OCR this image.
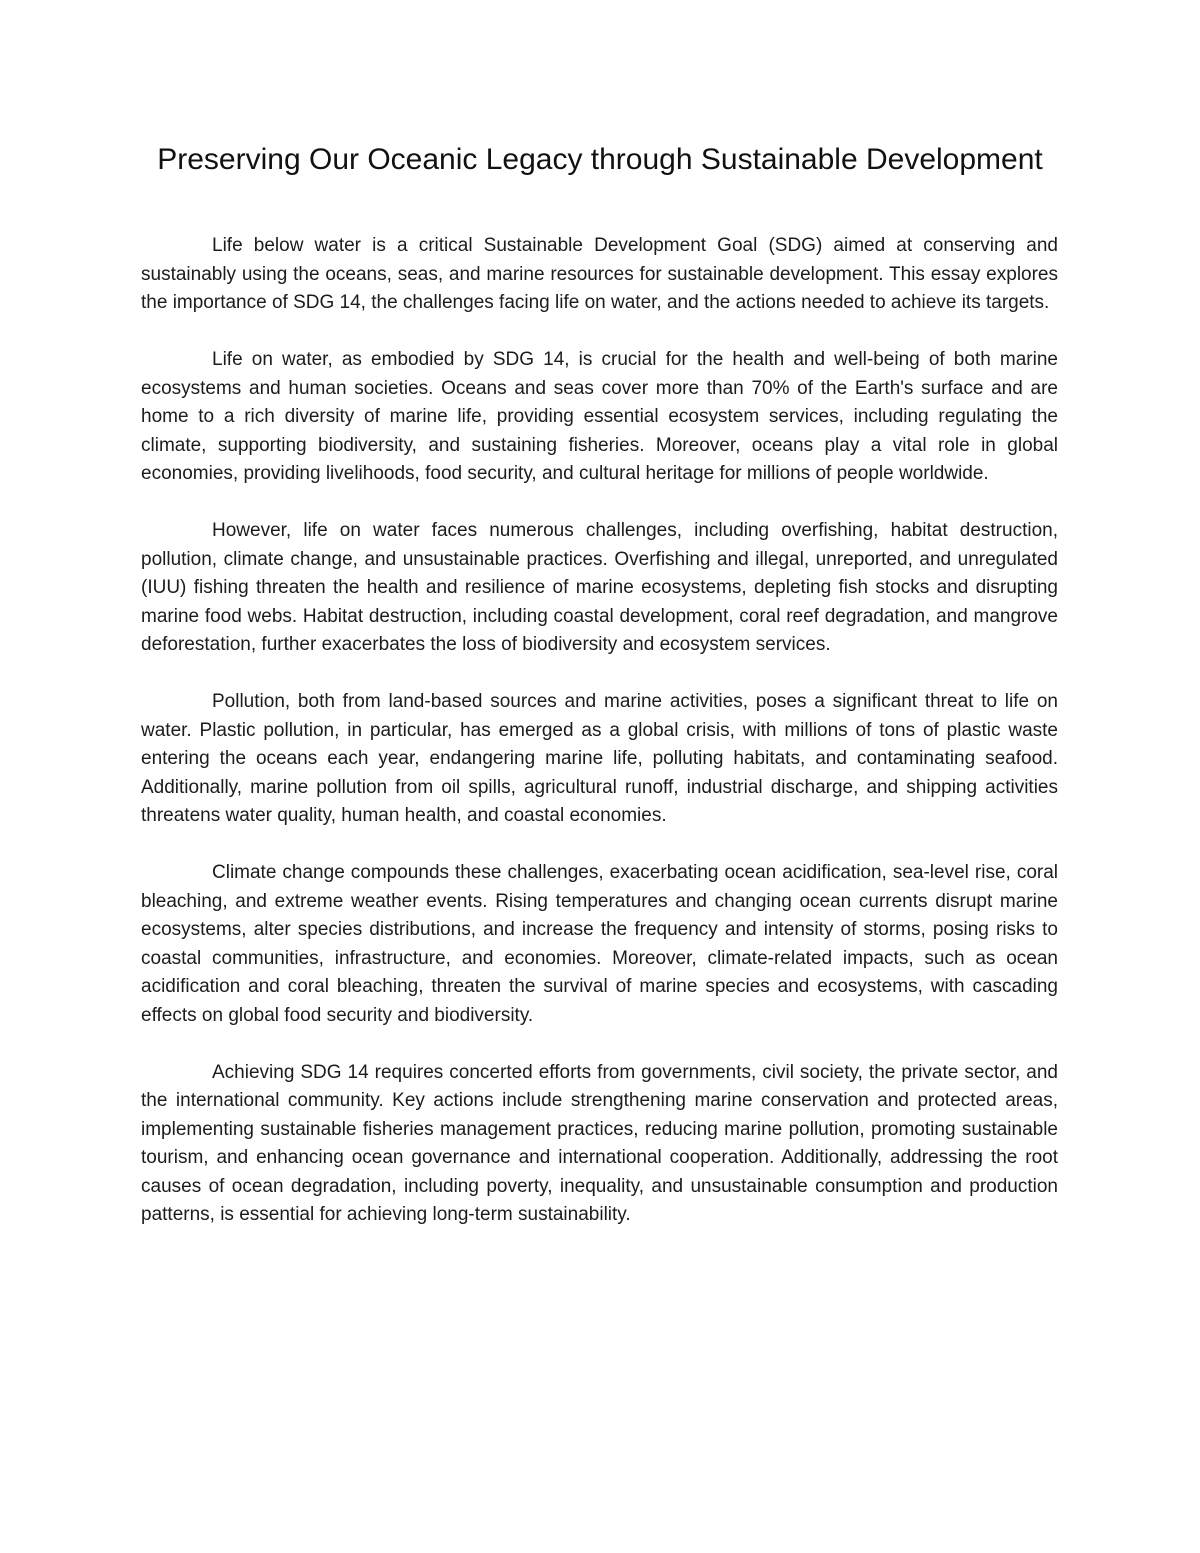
Preserving Our Oceanic Legacy through Sustainable Development

Life below water is a critical Sustainable Development Goal (SDG) aimed at conserving and sustainably using the oceans, seas, and marine resources for sustainable development. This essay explores the importance of SDG 14, the challenges facing life on water, and the actions needed to achieve its targets.

Life on water, as embodied by SDG 14, is crucial for the health and well-being of both marine ecosystems and human societies. Oceans and seas cover more than 70% of the Earth's surface and are home to a rich diversity of marine life, providing essential ecosystem services, including regulating the climate, supporting biodiversity, and sustaining fisheries. Moreover, oceans play a vital role in global economies, providing livelihoods, food security, and cultural heritage for millions of people worldwide.

However, life on water faces numerous challenges, including overfishing, habitat destruction, pollution, climate change, and unsustainable practices. Overfishing and illegal, unreported, and unregulated (IUU) fishing threaten the health and resilience of marine ecosystems, depleting fish stocks and disrupting marine food webs. Habitat destruction, including coastal development, coral reef degradation, and mangrove deforestation, further exacerbates the loss of biodiversity and ecosystem services.

Pollution, both from land-based sources and marine activities, poses a significant threat to life on water. Plastic pollution, in particular, has emerged as a global crisis, with millions of tons of plastic waste entering the oceans each year, endangering marine life, polluting habitats, and contaminating seafood. Additionally, marine pollution from oil spills, agricultural runoff, industrial discharge, and shipping activities threatens water quality, human health, and coastal economies.

Climate change compounds these challenges, exacerbating ocean acidification, sea-level rise, coral bleaching, and extreme weather events. Rising temperatures and changing ocean currents disrupt marine ecosystems, alter species distributions, and increase the frequency and intensity of storms, posing risks to coastal communities, infrastructure, and economies. Moreover, climate-related impacts, such as ocean acidification and coral bleaching, threaten the survival of marine species and ecosystems, with cascading effects on global food security and biodiversity.

Achieving SDG 14 requires concerted efforts from governments, civil society, the private sector, and the international community. Key actions include strengthening marine conservation and protected areas, implementing sustainable fisheries management practices, reducing marine pollution, promoting sustainable tourism, and enhancing ocean governance and international cooperation. Additionally, addressing the root causes of ocean degradation, including poverty, inequality, and unsustainable consumption and production patterns, is essential for achieving long-term sustainability.
